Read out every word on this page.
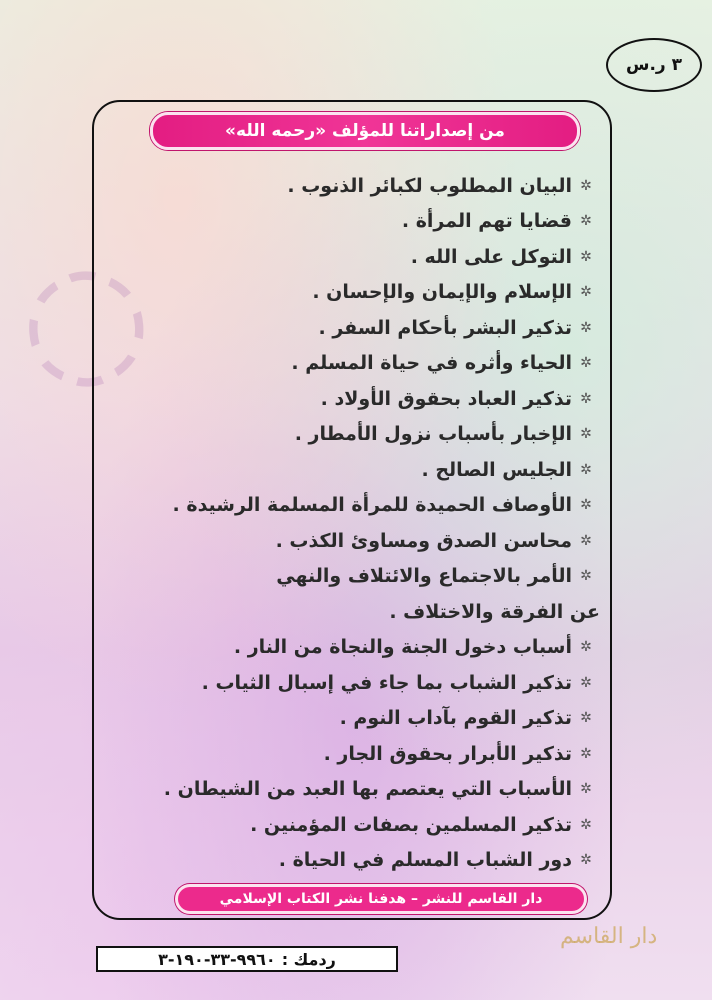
◌
٣ ر.س
من إصداراتنا للمؤلف «رحمه الله»
✲
البيان المطلوب لكبائر الذنوب .
✲
قضايا تهم المرأة .
✲
التوكل على الله .
✲
الإسلام والإيمان والإحسان .
✲
تذكير البشر بأحكام السفر .
✲
الحياء وأثره في حياة المسلم .
✲
تذكير العباد بحقوق الأولاد .
✲
الإخبار بأسباب نزول الأمطار .
✲
الجليس الصالح .
✲
الأوصاف الحميدة للمرأة المسلمة الرشيدة .
✲
محاسن الصدق ومساوئ الكذب .
✲
الأمر بالاجتماع والائتلاف والنهي
عن الفرقة والاختلاف .
✲
أسباب دخول الجنة والنجاة من النار .
✲
تذكير الشباب بما جاء في إسبال الثياب .
✲
تذكير القوم بآداب النوم .
✲
تذكير الأبرار بحقوق الجار .
✲
الأسباب التي يعتصم بها العبد من الشيطان .
✲
تذكير المسلمين بصفات المؤمنين .
✲
دور الشباب المسلم في الحياة .
دار القاسم للنشر – هدفنا نشر الكتاب الإسلامي
ردمك :
٩٩٦٠-٣٣-١٩٠-٣
دار القاسم
